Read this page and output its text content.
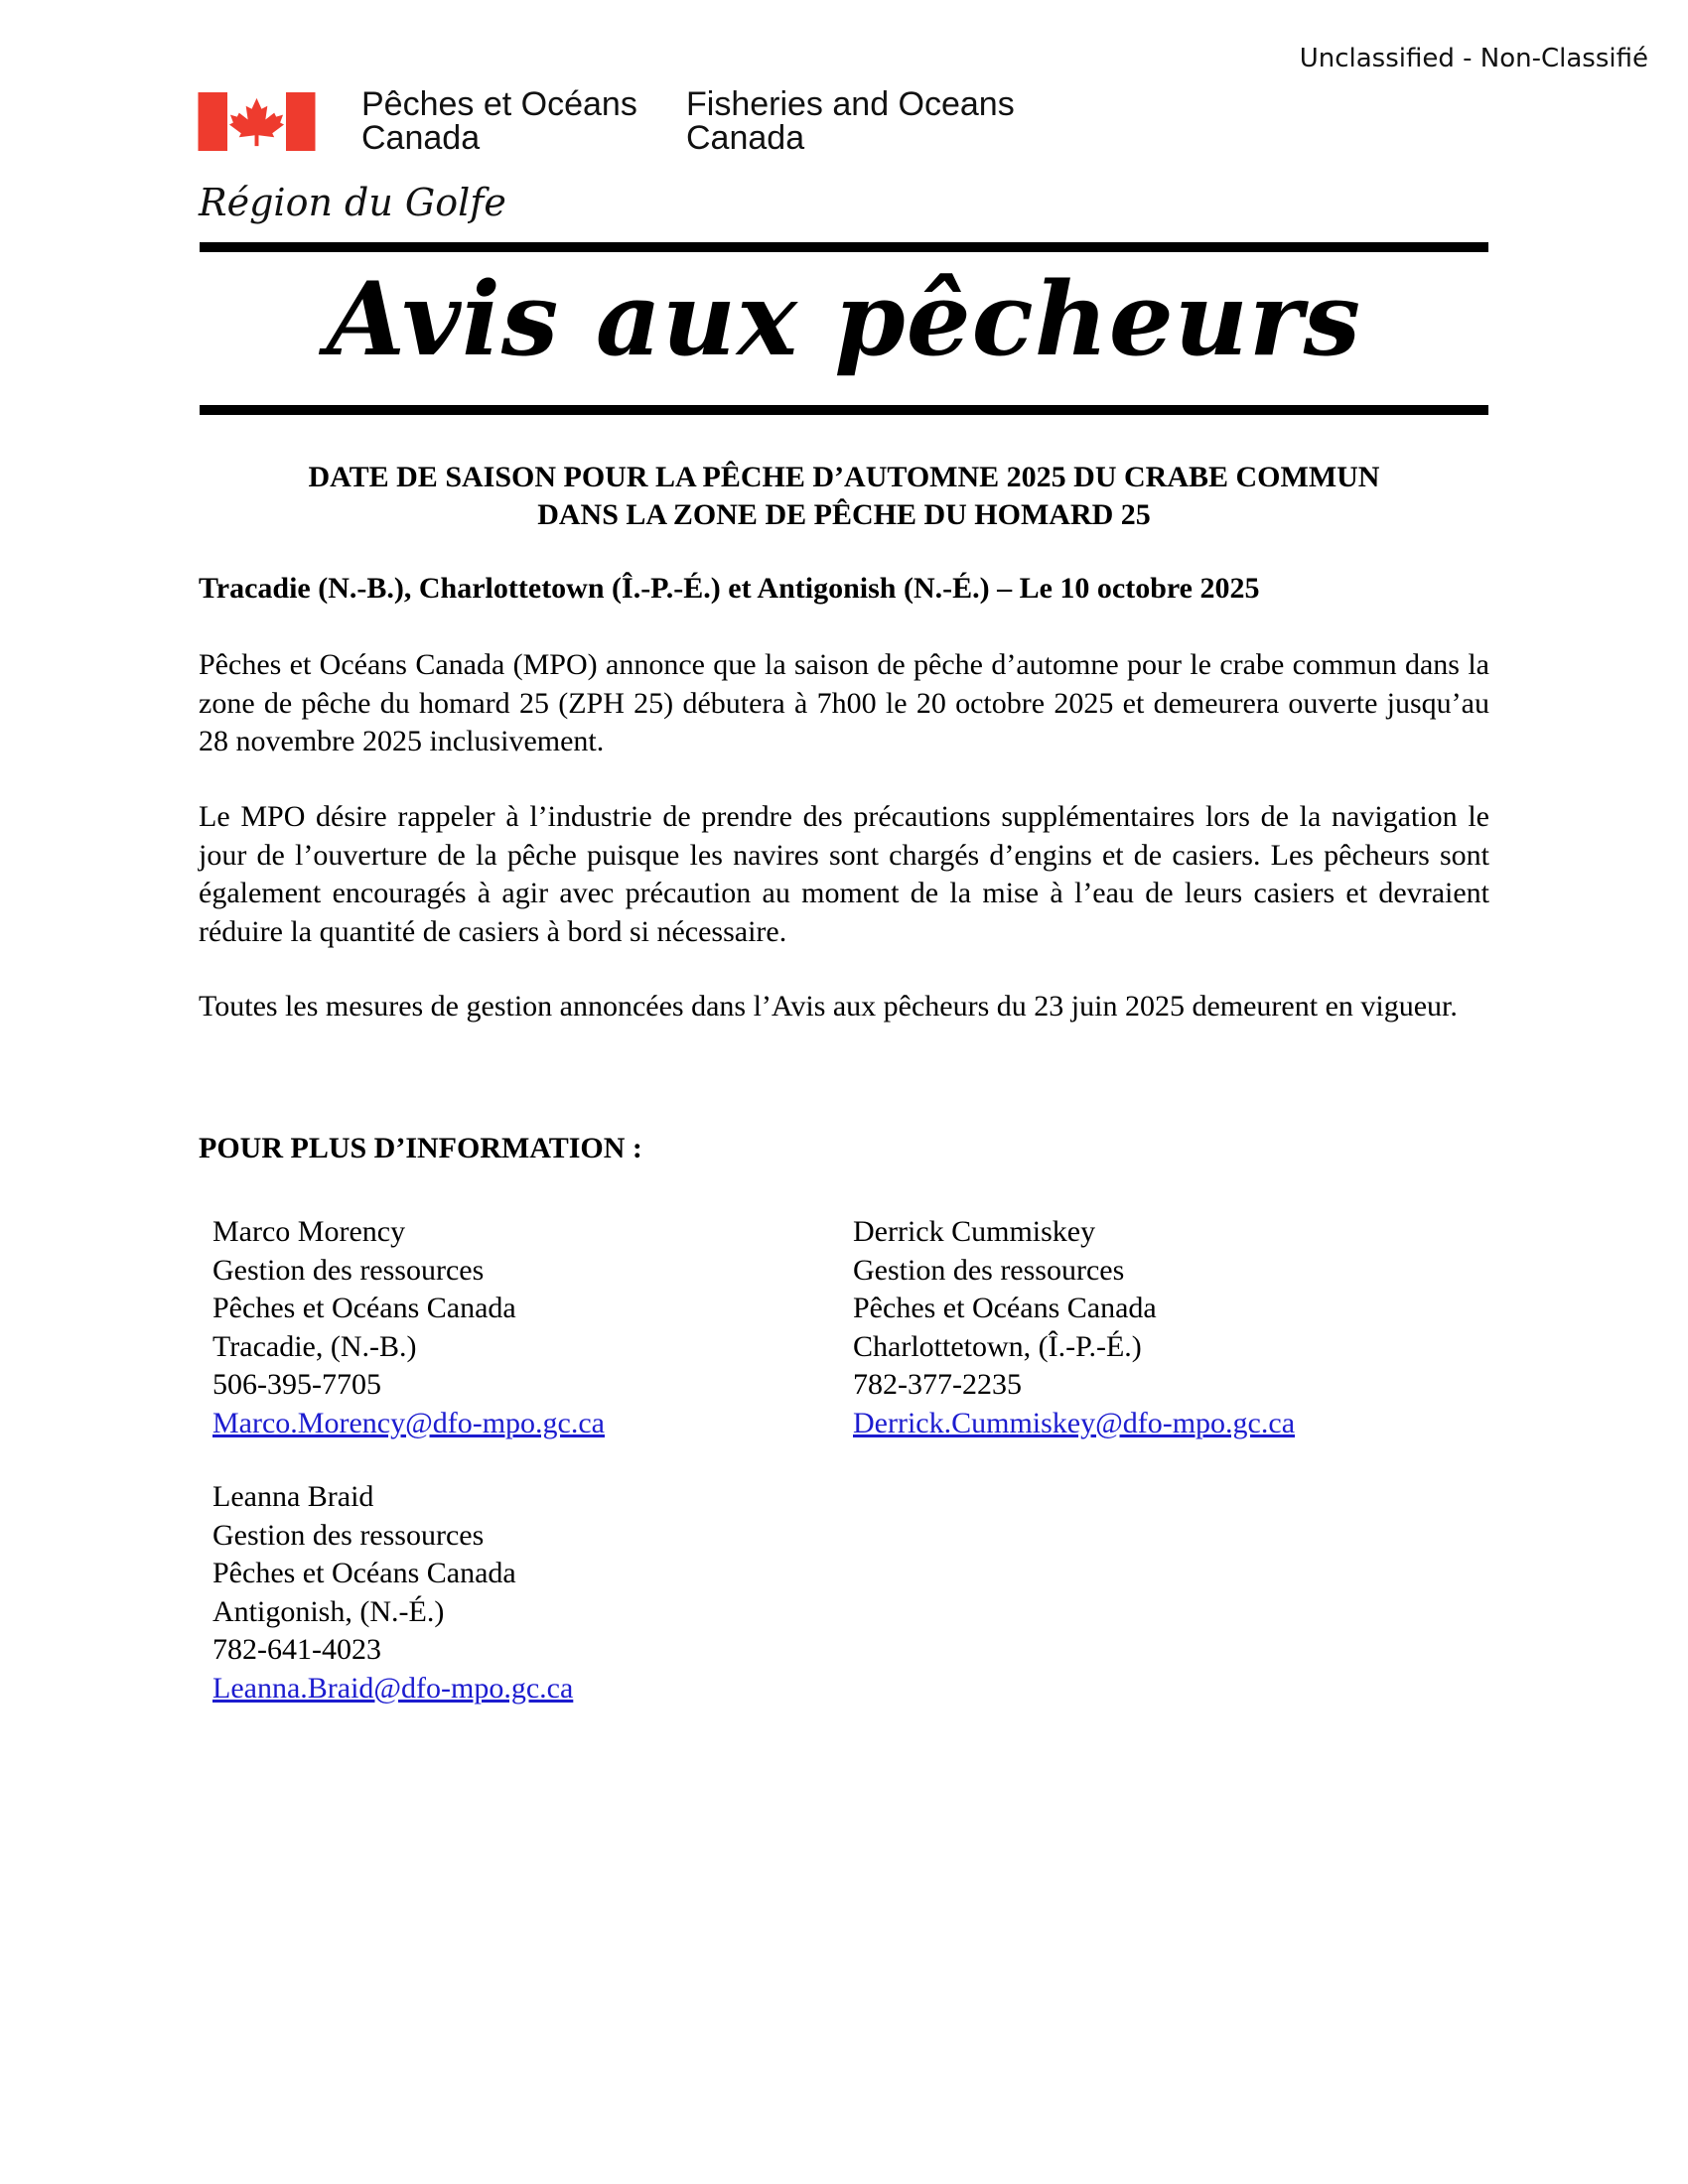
Unclassified - Non-Classifié
Pêches et Océans
Canada
Fisheries and Oceans
Canada
Région du Golfe
Avis aux pêcheurs
DATE DE SAISON POUR LA PÊCHE D’AUTOMNE 2025 DU CRABE COMMUN
DANS LA ZONE DE PÊCHE DU HOMARD 25
Tracadie (N.-B.), Charlottetown (Î.-P.-É.) et Antigonish (N.-É.) – Le 10 octobre 2025
Pêches et Océans Canada (MPO) annonce que la saison de pêche d’automne pour le crabe commun dans la zone de pêche du homard 25 (ZPH 25) débutera à 7h00 le 20 octobre 2025 et demeurera ouverte jusqu’au 28 novembre 2025 inclusivement.
Le MPO désire rappeler à l’industrie de prendre des précautions supplémentaires lors de la navigation le jour de l’ouverture de la pêche puisque les navires sont chargés d’engins et de casiers. Les pêcheurs sont également encouragés à agir avec précaution au moment de la mise à l’eau de leurs casiers et devraient réduire la quantité de casiers à bord si nécessaire.
Toutes les mesures de gestion annoncées dans l’Avis aux pêcheurs du 23 juin 2025 demeurent en vigueur.
POUR PLUS D’INFORMATION :
Marco Morency
Gestion des ressources
Pêches et Océans Canada
Tracadie, (N.-B.)
506-395-7705
Marco.Morency@dfo-mpo.gc.ca
Derrick Cummiskey
Gestion des ressources
Pêches et Océans Canada
Charlottetown, (Î.-P.-É.)
782-377-2235
Derrick.Cummiskey@dfo-mpo.gc.ca
Leanna Braid
Gestion des ressources
Pêches et Océans Canada
Antigonish, (N.-É.)
782-641-4023
Leanna.Braid@dfo-mpo.gc.ca
